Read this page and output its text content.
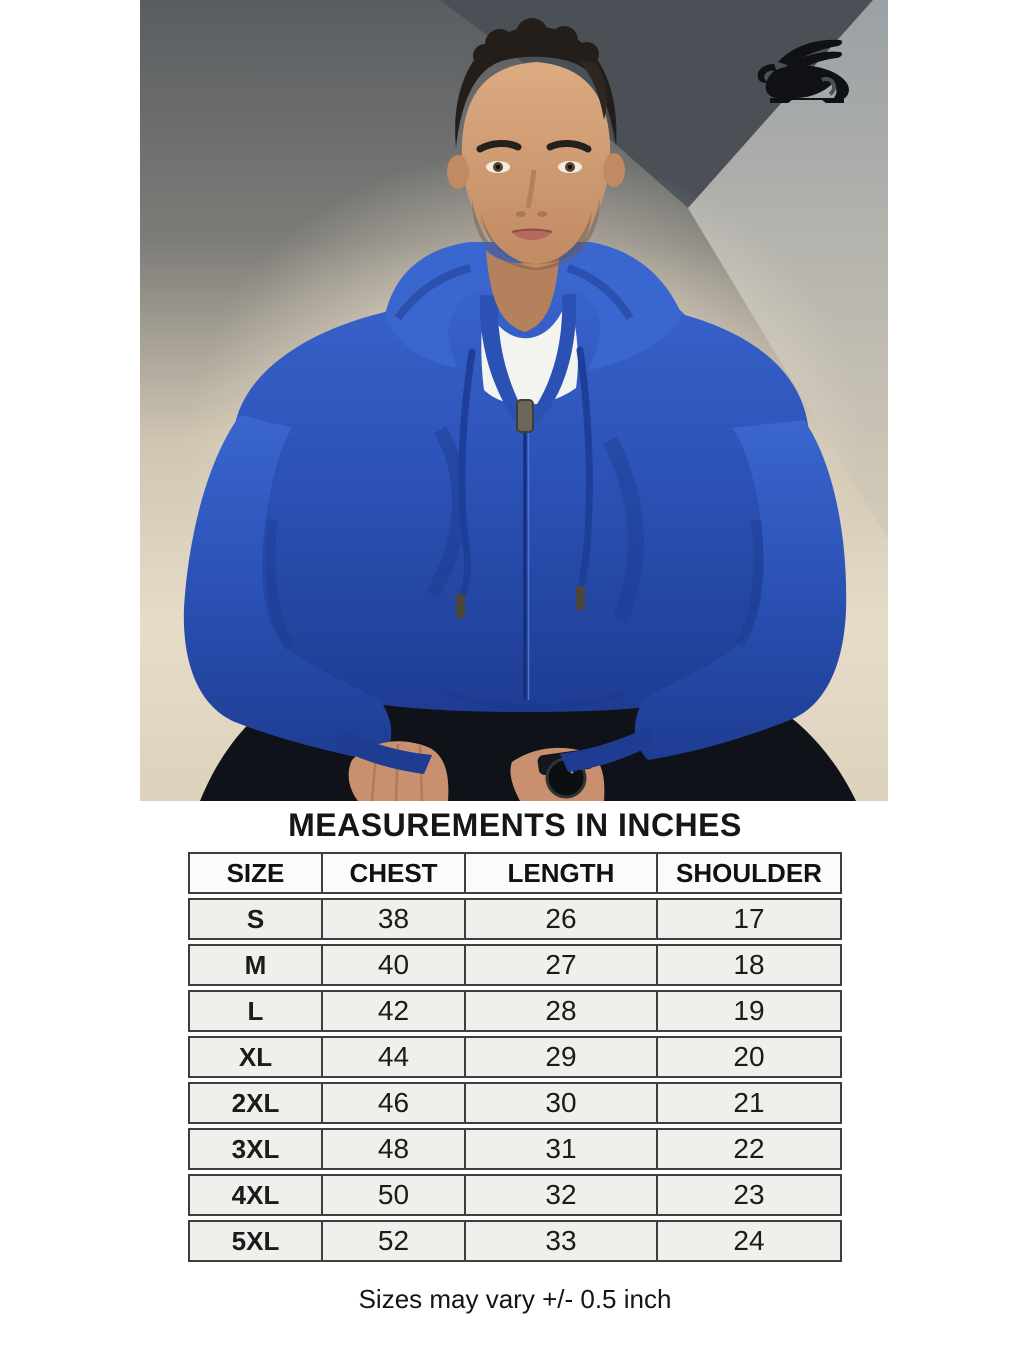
MEASUREMENTS IN INCHES
SIZE	CHEST	LENGTH	SHOULDER
S	38	26	17
M	40	27	18
L	42	28	19
XL	44	29	20
2XL	46	30	21
3XL	48	31	22
4XL	50	32	23
5XL	52	33	24
Sizes may vary +/- 0.5 inch
